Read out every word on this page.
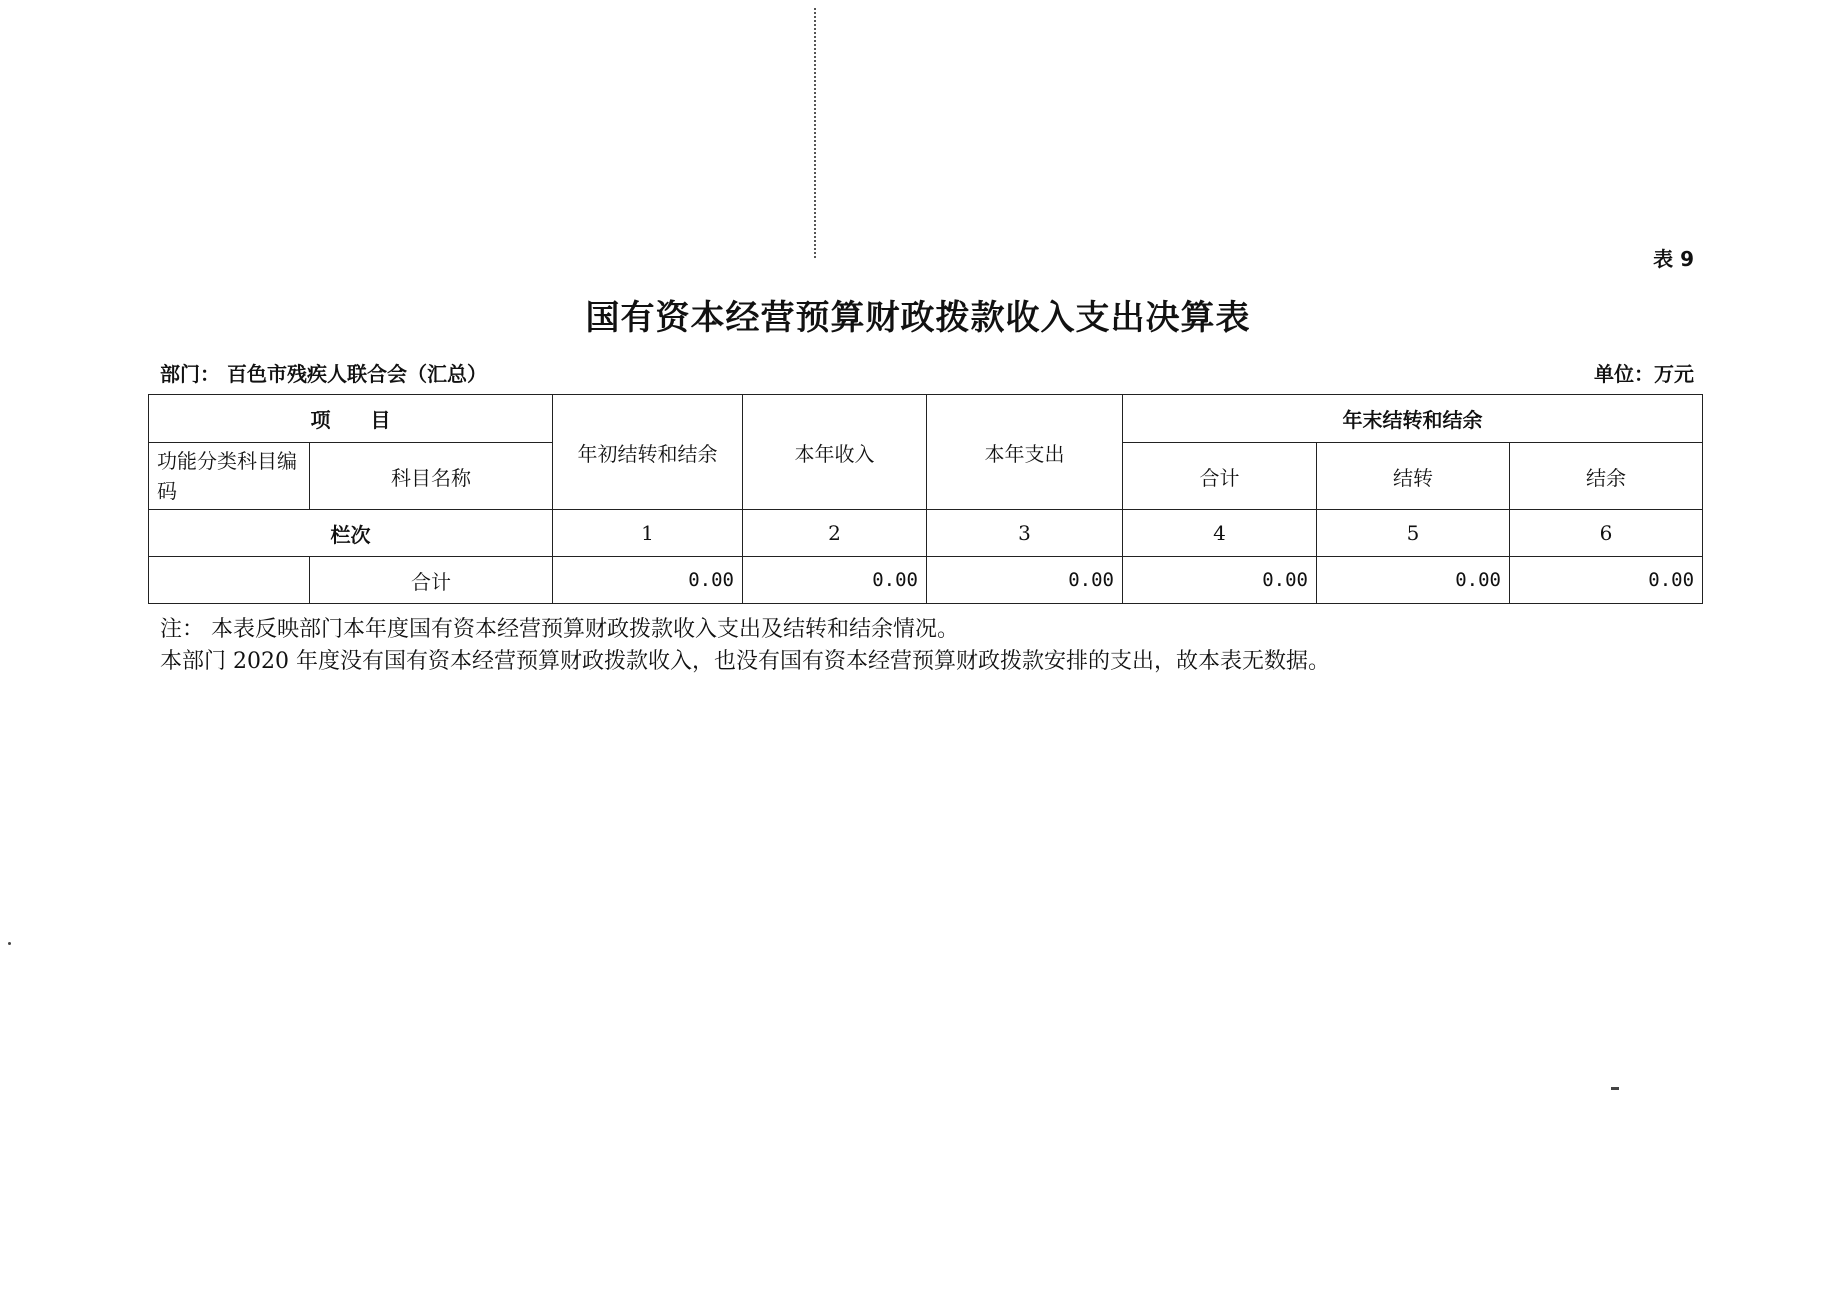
表 9
国有资本经营预算财政拨款收入支出决算表
部门： 百色市残疾人联合会（汇总）	单位：万元
项　　目		年初结转和结余	本年收入	本年支出	年末结转和结余		
功能分类科目编码	科目名称				合计	结转	结余
栏次		1	2	3	4	5	6
	合计	0.00	0.00	0.00	0.00	0.00	0.00
注： 本表反映部门本年度国有资本经营预算财政拨款收入支出及结转和结余情况。
本部门 2020 年度没有国有资本经营预算财政拨款收入，也没有国有资本经营预算财政拨款安排的支出，故本表无数据。
